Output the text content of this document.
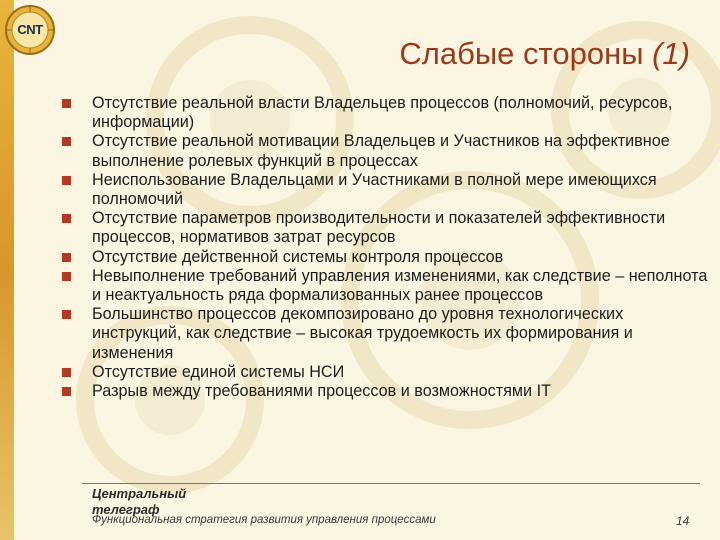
CNT
Слабые стороны (1)
Отсутствие реальной власти Владельцев процессов (полномочий, ресурсов, информации)
Отсутствие реальной мотивации Владельцев и Участников на эффективное выполнение ролевых функций в процессах
Неиспользование Владельцами и Участниками в полной мере имеющихся полномочий
Отсутствие параметров производительности и показателей эффективности процессов, нормативов затрат ресурсов
Отсутствие действенной системы контроля процессов
Невыполнение требований управления изменениями, как следствие – неполнота и неактуальность ряда формализованных ранее процессов
Большинство процессов декомпозировано до уровня технологических инструкций, как следствие – высокая трудоемкость их формирования и изменения
Отсутствие единой системы НСИ
Разрыв между требованиями процессов и возможностями IT
Центральный
телеграф
Функциональная стратегия развития управления процессами	14
